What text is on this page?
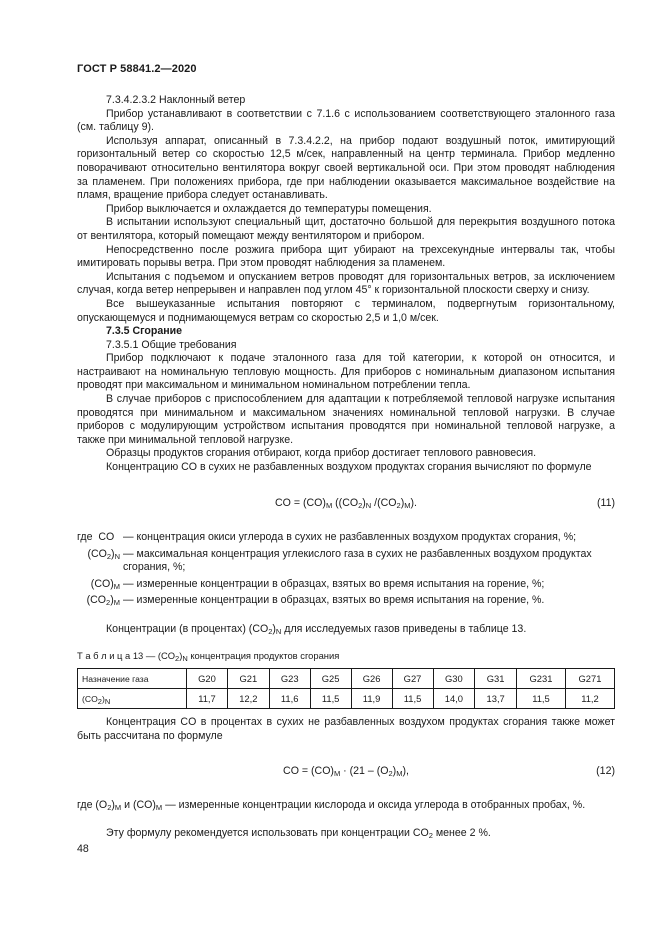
ГОСТ Р 58841.2—2020

7.3.4.2.3.2 Наклонный ветер

Прибор устанавливают в соответствии с 7.1.6 с использованием соответствующего эталонного газа (см. таблицу 9).

Используя аппарат, описанный в 7.3.4.2.2, на прибор подают воздушный поток, имитирующий горизонтальный ветер со скоростью 12,5 м/сек, направленный на центр терминала. Прибор медленно поворачивают относительно вентилятора вокруг своей вертикальной оси. При этом проводят наблюдения за пламенем. При положениях прибора, где при наблюдении оказывается максимальное воздействие на пламя, вращение прибора следует останавливать.

Прибор выключается и охлаждается до температуры помещения.

В испытании используют специальный щит, достаточно большой для перекрытия воздушного потока от вентилятора, который помещают между вентилятором и прибором.

Непосредственно после розжига прибора щит убирают на трехсекундные интервалы так, чтобы имитировать порывы ветра. При этом проводят наблюдения за пламенем.

Испытания с подъемом и опусканием ветров проводят для горизонтальных ветров, за исключением случая, когда ветер непрерывен и направлен под углом 45° к горизонтальной плоскости сверху и снизу.

Все вышеуказанные испытания повторяют с терминалом, подвергнутым горизонтальному, опускающемуся и поднимающемуся ветрам со скоростью 2,5 и 1,0 м/сек.

7.3.5 Сгорание

7.3.5.1 Общие требования

Прибор подключают к подаче эталонного газа для той категории, к которой он относится, и настраивают на номинальную тепловую мощность. Для приборов с номинальным диапазоном испытания проводят при максимальном и минимальном номинальном потреблении тепла.

В случае приборов с приспособлением для адаптации к потребляемой тепловой нагрузке испытания проводятся при минимальном и максимальном значениях номинальной тепловой нагрузки. В случае приборов с модулирующим устройством испытания проводятся при номинальной тепловой нагрузке, а также при минимальной тепловой нагрузке.

Образцы продуктов сгорания отбирают, когда прибор достигает теплового равновесия.

Концентрацию CO в сухих не разбавленных воздухом продуктах сгорания вычисляют по формуле

CO = $(CO)_M$ ($(CO_2)_N$ $/(CO_2)_M$).	(11)
где CO — концентрация окиси углерода в сухих не разбавленных воздухом продуктах сгорания, %;
$(CO_2)_N$ — максимальная концентрация углекислого газа в сухих не разбавленных воздухом продуктах сгорания, %;
$(CO)_M$ — измеренные концентрации в образцах, взятых во время испытания на горение, %;
$(CO_2)_M$ — измеренные концентрации в образцах, взятых во время испытания на горение, %.

Концентрации (в процентах) $(CO_2)_N$ для исследуемых газов приведены в таблице 13.

Т а б л и ц а 13 — $(CO_2)_N$ концентрация продуктов сгорания
Назначение газа	G20	G21	G23	G25	G26	G27	G30	G31	G231	G271
$(CO_2)_N$	11,7	12,2	11,6	11,5	11,9	11,5	14,0	13,7	11,5	11,2

Концентрация CO в процентах в сухих не разбавленных воздухом продуктах сгорания также может быть рассчитана по формуле

CO = $(CO)_M \cdot (21 - (O_2)_M)$,	(12)

где $(O_2)_M$ и $(CO)_M$ — измеренные концентрации кислорода и оксида углерода в отобранных пробах, %.

Эту формулу рекомендуется использовать при концентрации $CO_2$ менее 2 %.

48
